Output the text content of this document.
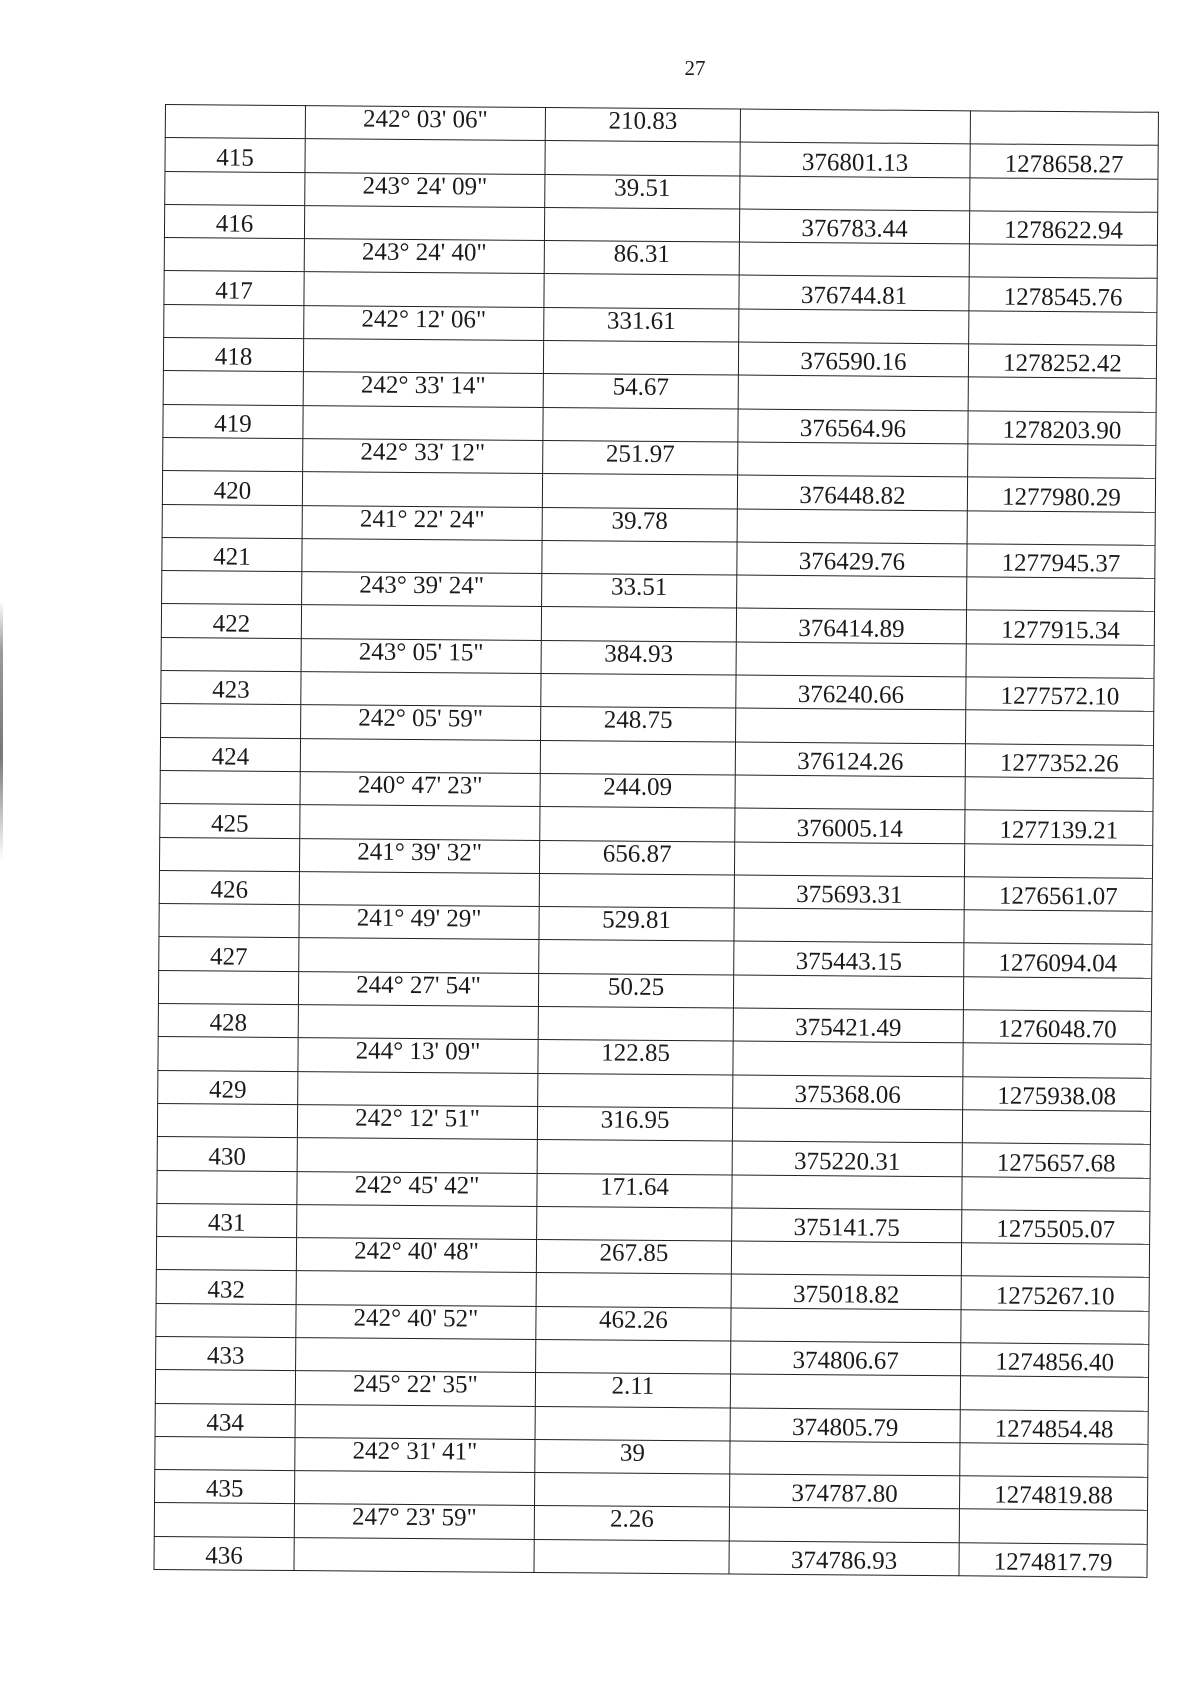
27
	242° 03' 06"	210.83		
415			376801.13	1278658.27
	243° 24' 09"	39.51		
416			376783.44	1278622.94
	243° 24' 40"	86.31		
417			376744.81	1278545.76
	242° 12' 06"	331.61		
418			376590.16	1278252.42
	242° 33' 14"	54.67		
419			376564.96	1278203.90
	242° 33' 12"	251.97		
420			376448.82	1277980.29
	241° 22' 24"	39.78		
421			376429.76	1277945.37
	243° 39' 24"	33.51		
422			376414.89	1277915.34
	243° 05' 15"	384.93		
423			376240.66	1277572.10
	242° 05' 59"	248.75		
424			376124.26	1277352.26
	240° 47' 23"	244.09		
425			376005.14	1277139.21
	241° 39' 32"	656.87		
426			375693.31	1276561.07
	241° 49' 29"	529.81		
427			375443.15	1276094.04
	244° 27' 54"	50.25		
428			375421.49	1276048.70
	244° 13' 09"	122.85		
429			375368.06	1275938.08
	242° 12' 51"	316.95		
430			375220.31	1275657.68
	242° 45' 42"	171.64		
431			375141.75	1275505.07
	242° 40' 48"	267.85		
432			375018.82	1275267.10
	242° 40' 52"	462.26		
433			374806.67	1274856.40
	245° 22' 35"	2.11		
434			374805.79	1274854.48
	242° 31' 41"	39		
435			374787.80	1274819.88
	247° 23' 59"	2.26		
436			374786.93	1274817.79
